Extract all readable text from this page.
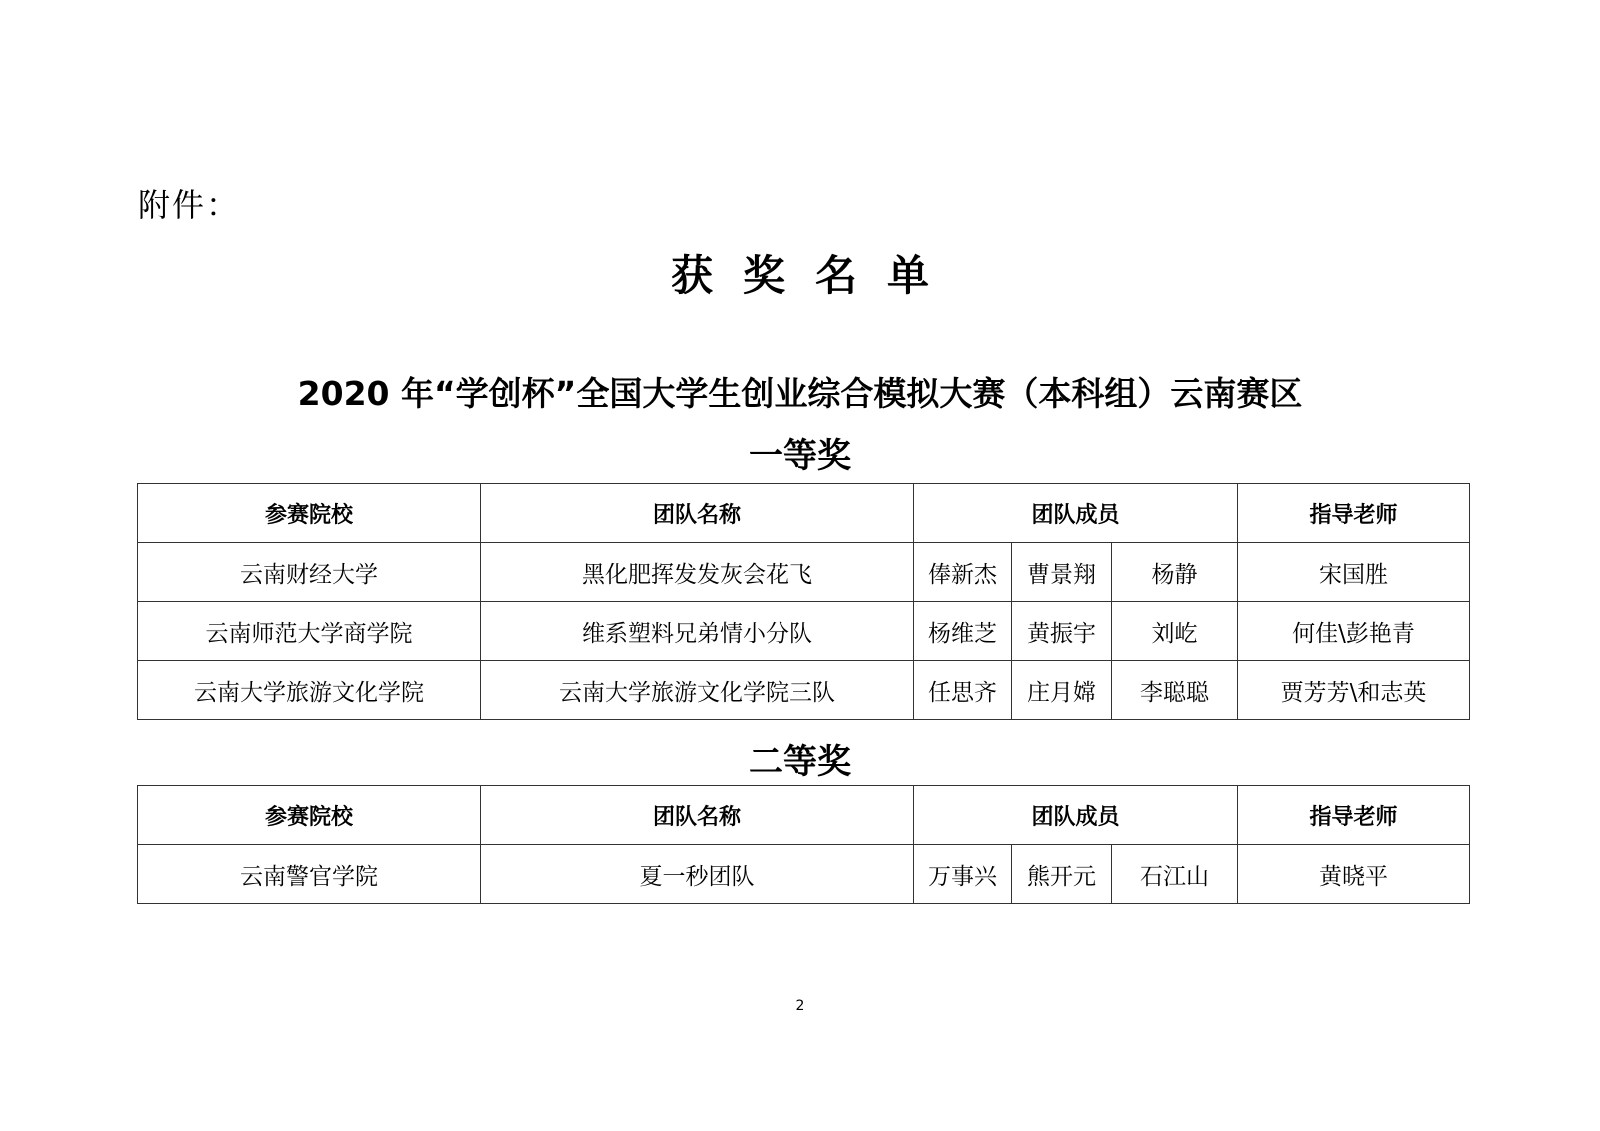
附件：
获奖名单
2020 年“学创杯”全国大学生创业综合模拟大赛（本科组）云南赛区
一等奖
参赛院校	团队名称	团队成员			指导老师
云南财经大学	黑化肥挥发发灰会花飞	俸新杰	曹景翔	杨静	宋国胜
云南师范大学商学院	维系塑料兄弟情小分队	杨维芝	黄振宇	刘屹	何佳\彭艳青
云南大学旅游文化学院	云南大学旅游文化学院三队	任思齐	庄月嫦	李聪聪	贾芳芳\和志英
二等奖
参赛院校	团队名称	团队成员			指导老师
云南警官学院	夏一秒团队	万事兴	熊开元	石江山	黄晓平
2
